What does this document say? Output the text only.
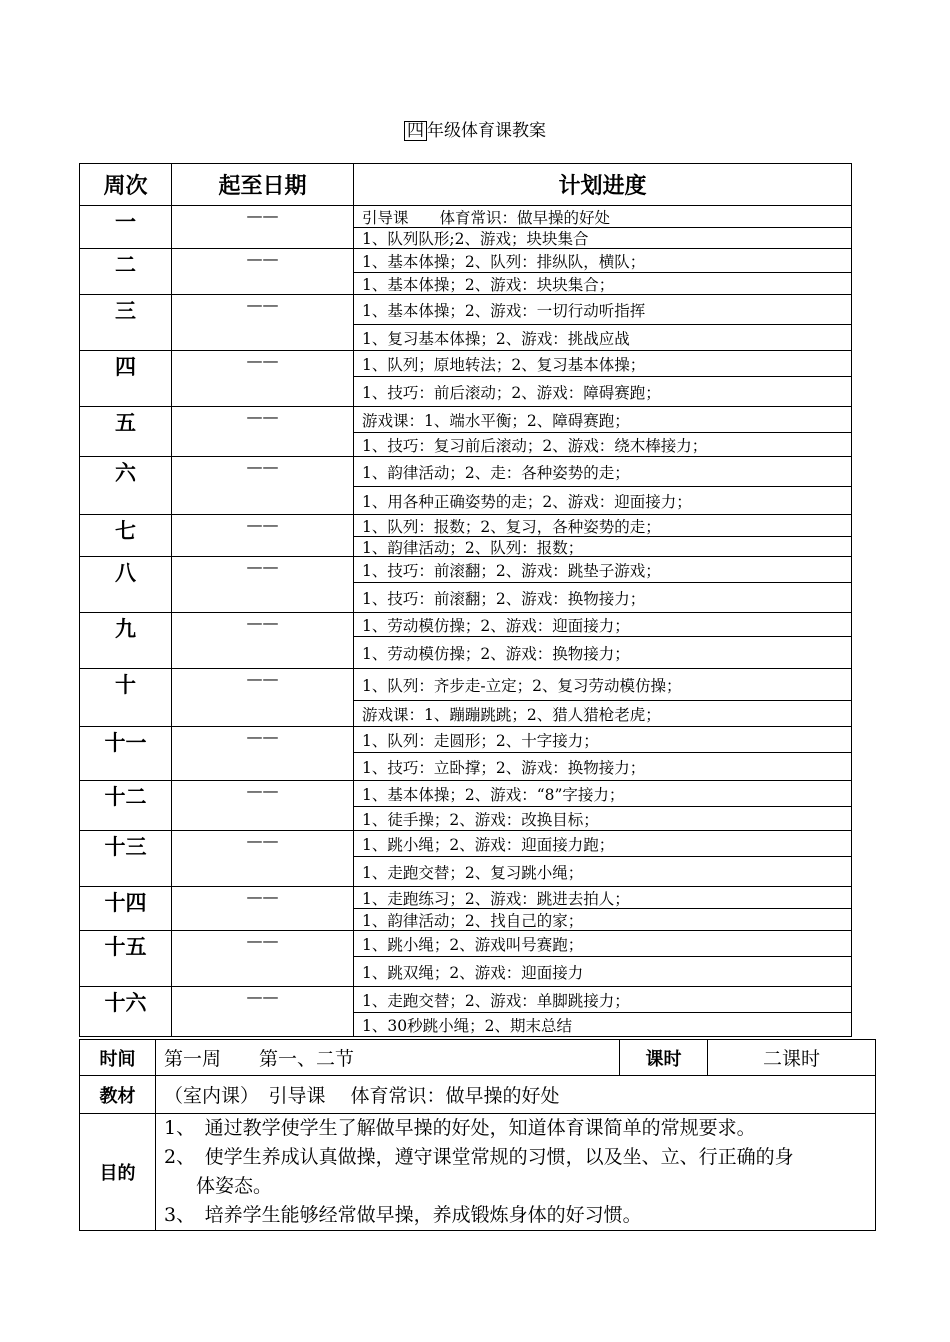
四 年级体育课教案
周次	起至日期	计划进度
一	——	引导课　　体育常识：做早操的好处
1、队列队形;2、游戏；块块集合

二	——	1、基本体操；2、队列：排纵队，横队；
1、基本体操；2、游戏：块块集合；

三	——	1、基本体操；2、游戏：一切行动听指挥
1、复习基本体操；2、游戏：挑战应战

四	——	1、队列；原地转法；2、复习基本体操；
1、技巧：前后滚动；2、游戏：障碍赛跑；

五	——	游戏课：1、端水平衡；2、障碍赛跑；
1、技巧：复习前后滚动；2、游戏：绕木棒接力；

六	——	1、韵律活动；2、走：各种姿势的走；
1、用各种正确姿势的走；2、游戏：迎面接力；

七	——	1、队列：报数；2、复习，各种姿势的走；
1、韵律活动；2、队列：报数；

八	——	1、技巧：前滚翻；2、游戏：跳垫子游戏；
1、技巧：前滚翻；2、游戏：换物接力；

九	——	1、劳动模仿操；2、游戏：迎面接力；
1、劳动模仿操；2、游戏：换物接力；

十	——	1、队列：齐步走-立定；2、复习劳动模仿操；
游戏课：1、蹦蹦跳跳；2、猎人猎枪老虎；

十一	——	1、队列：走圆形；2、十字接力；
1、技巧：立卧撑；2、游戏：换物接力；

十二	——	1、基本体操；2、游戏：“8”字接力；
1、徒手操；2、游戏：改换目标；

十三	——	1、跳小绳；2、游戏：迎面接力跑；
1、走跑交替；2、复习跳小绳；

十四	——	1、走跑练习；2、游戏：跳进去拍人；
1、韵律活动；2、找自己的家；

十五	——	1、跳小绳；2、游戏叫号赛跑；
1、跳双绳；2、游戏：迎面接力

十六	——	1、走跑交替；2、游戏：单脚跳接力；
1、30秒跳小绳；2、期末总结
时间	第一周　　第一、二节	课时	二课时
教材	（室内课）　引导课　 体育常识：做早操的好处		
目的	1、　通过教学使学生了解做早操的好处，知道体育课简单的常规要求。

2、　使学生养成认真做操，遵守课堂常规的习惯，以及坐、立、行正确的身

体姿态。

3、　培养学生能够经常做早操，养成锻炼身体的好习惯。		
